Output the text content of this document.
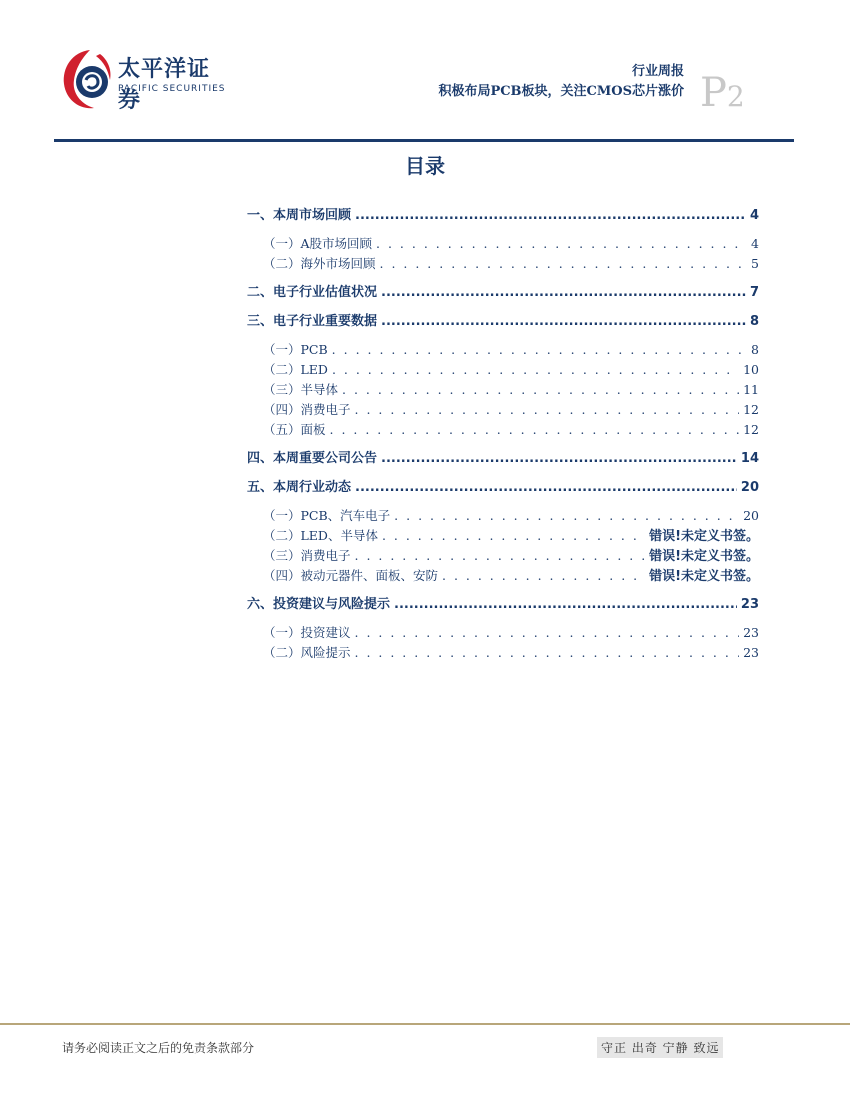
太平洋证券
PACIFIC SECURITIES
行业周报
积极布局PCB板块，关注CMOS芯片涨价 P2
目录
一、本周市场回顾 .....	4
（一）A股市场回顾 . . .	4
（二）海外市场回顾 . . .	5
二、电子行业估值状况 .....	7
三、电子行业重要数据 .....	8
（一）PCB . . .	8
（二）LED . . .	10
（三）半导体 . . .	11
（四）消费电子 . . .	12
（五）面板 . . .	12
四、本周重要公司公告 .....	14
五、本周行业动态 .....	20
（一）PCB、汽车电子 . . .	20
（二）LED、半导体 . . .	错误!未定义书签。
（三）消费电子 . . .	错误!未定义书签。
（四）被动元器件、面板、安防 . . .	错误!未定义书签。
六、投资建议与风险提示 .....	23
（一）投资建议 . . .	23
（二）风险提示 . . .	23
请务必阅读正文之后的免责条款部分	守正 出奇 宁静 致远
